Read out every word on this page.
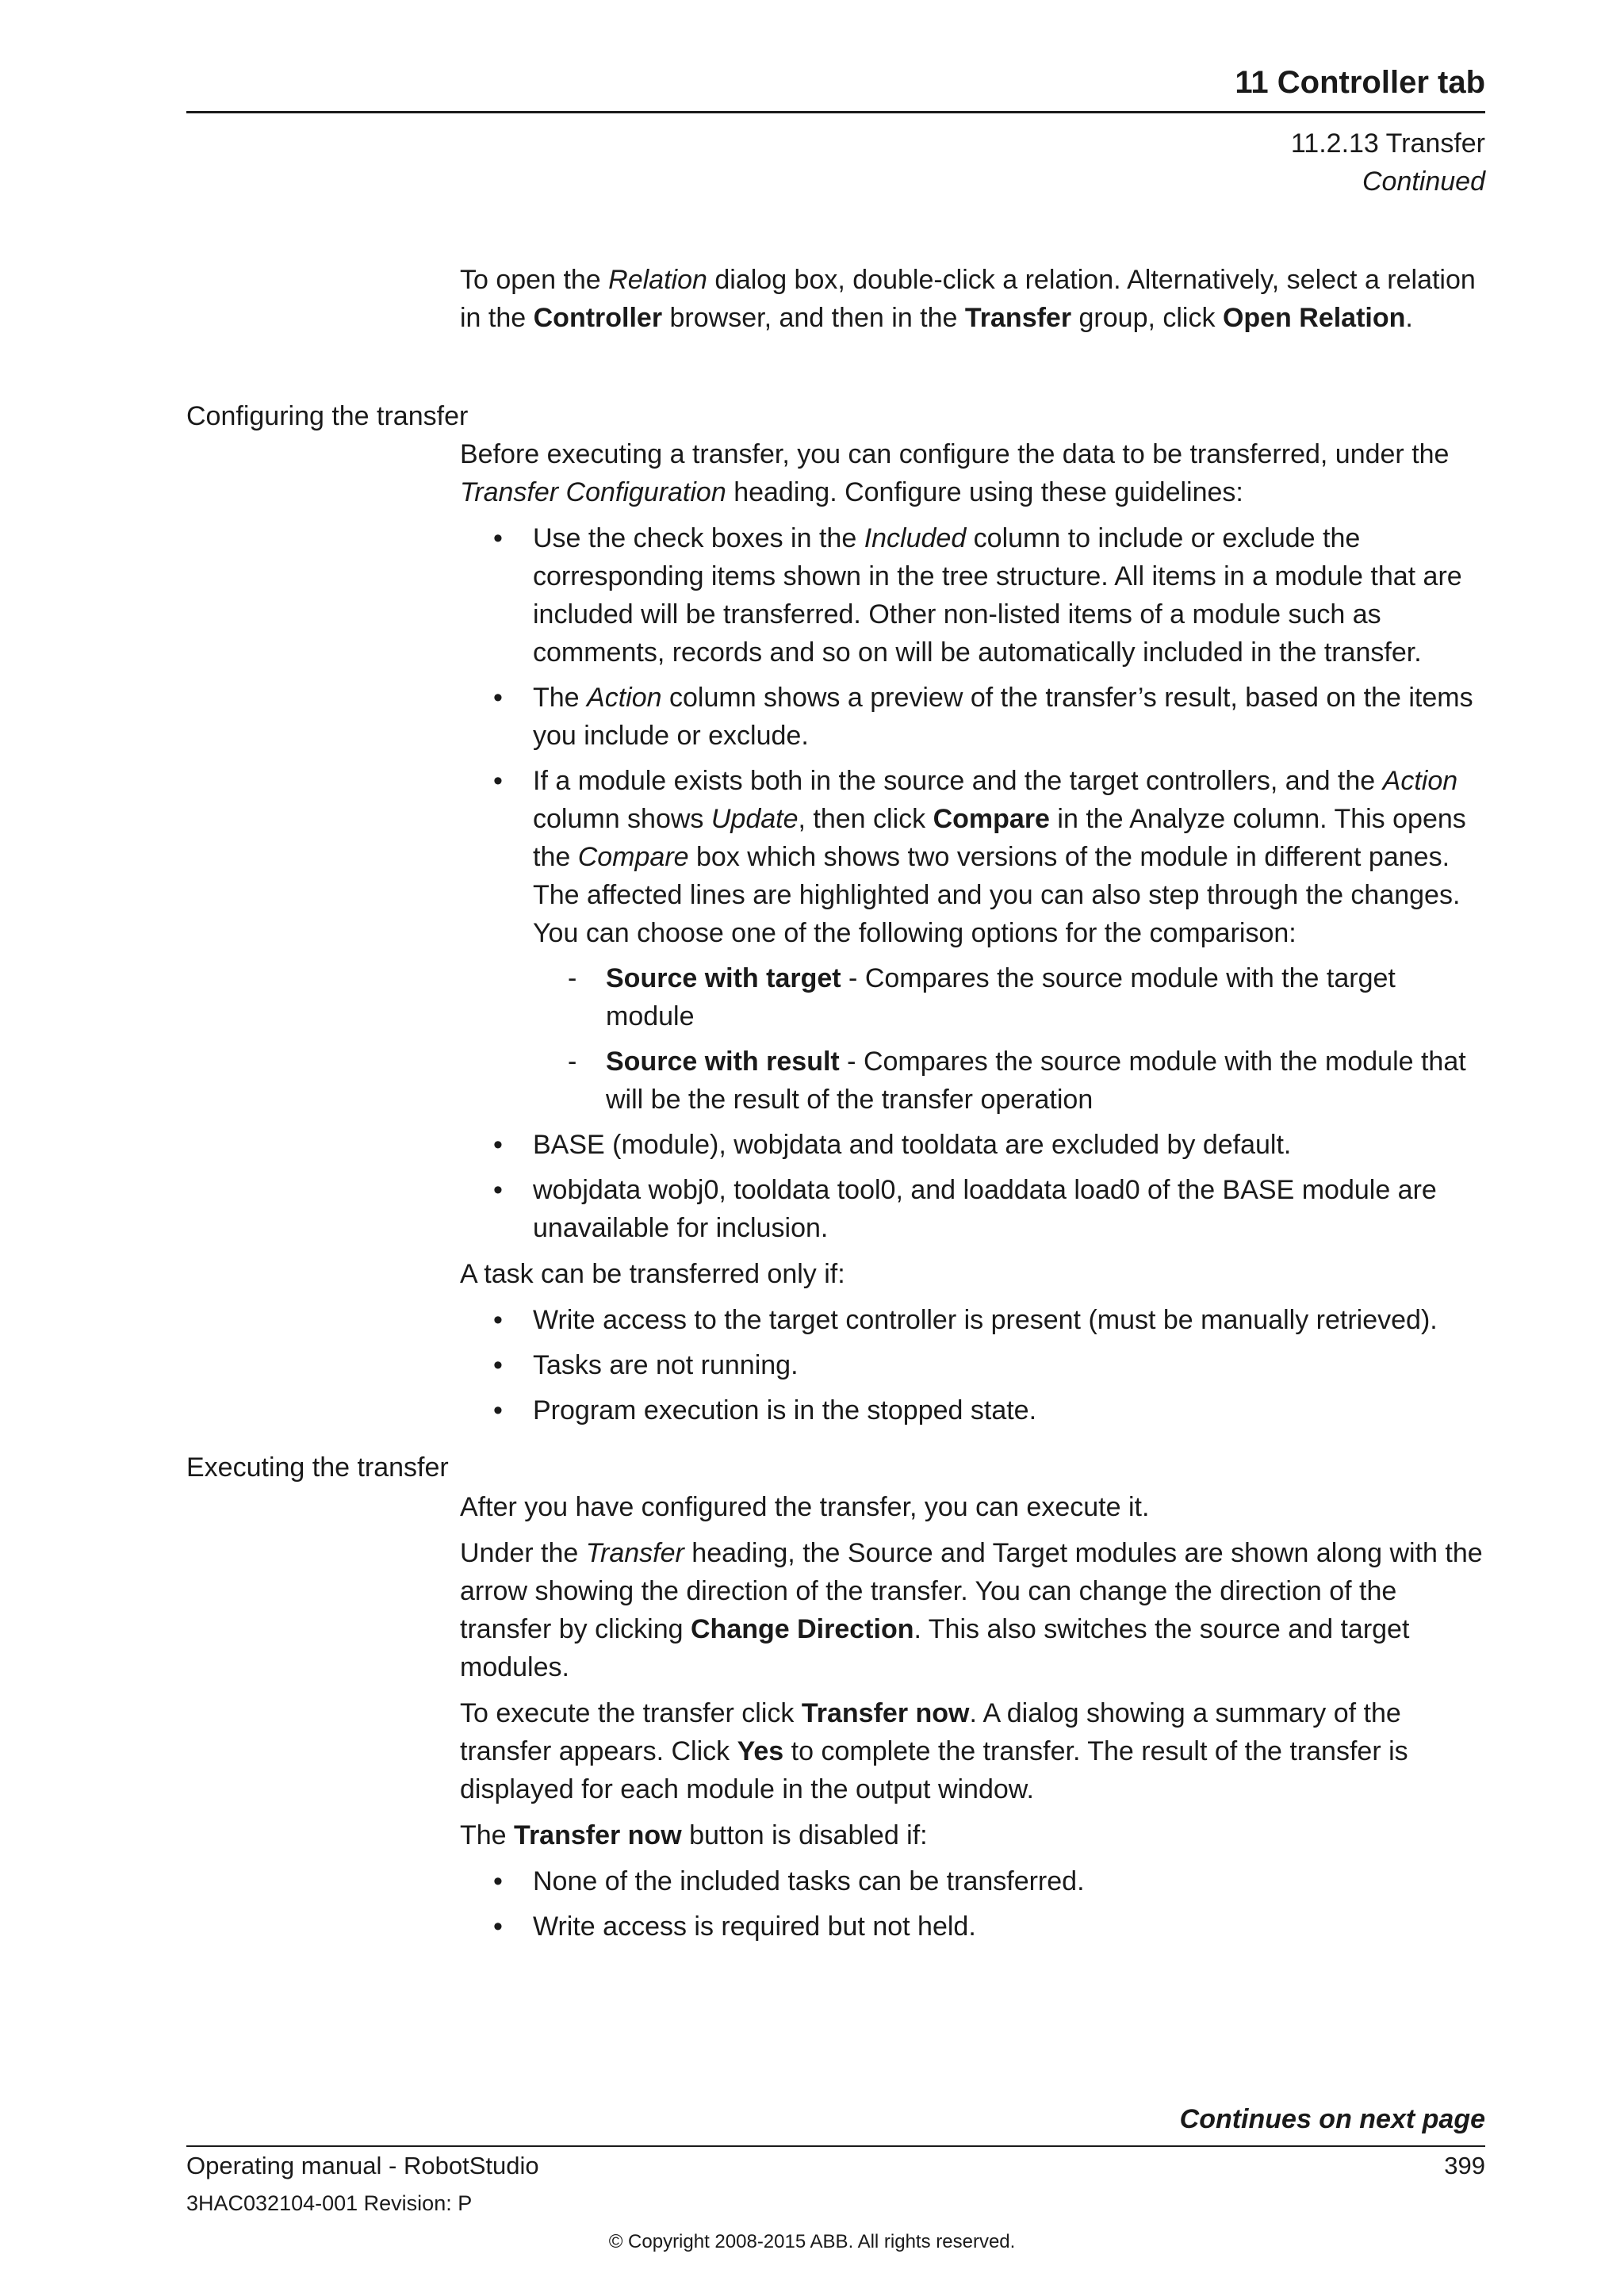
11 Controller tab
11.2.13 Transfer
Continued

To open the Relation dialog box, double-click a relation. Alternatively, select a relation in the Controller browser, and then in the Transfer group, click Open Relation.

Configuring the transfer

Before executing a transfer, you can configure the data to be transferred, under the Transfer Configuration heading. Configure using these guidelines:

• Use the check boxes in the Included column to include or exclude the corresponding items shown in the tree structure. All items in a module that are included will be transferred. Other non-listed items of a module such as comments, records and so on will be automatically included in the transfer.
• The Action column shows a preview of the transfer’s result, based on the items you include or exclude.
• If a module exists both in the source and the target controllers, and the Action column shows Update, then click Compare in the Analyze column. This opens the Compare box which shows two versions of the module in different panes. The affected lines are highlighted and you can also step through the changes. You can choose one of the following options for the comparison:
- Source with target - Compares the source module with the target module
- Source with result - Compares the source module with the module that will be the result of the transfer operation
• BASE (module), wobjdata and tooldata are excluded by default.
• wobjdata wobj0, tooldata tool0, and loaddata load0 of the BASE module are unavailable for inclusion.

A task can be transferred only if:

• Write access to the target controller is present (must be manually retrieved).
• Tasks are not running.
• Program execution is in the stopped state.
Executing the transfer

After you have configured the transfer, you can execute it.

Under the Transfer heading, the Source and Target modules are shown along with the arrow showing the direction of the transfer. You can change the direction of the transfer by clicking Change Direction. This also switches the source and target modules.

To execute the transfer click Transfer now. A dialog showing a summary of the transfer appears. Click Yes to complete the transfer. The result of the transfer is displayed for each module in the output window.

The Transfer now button is disabled if:

• None of the included tasks can be transferred.
• Write access is required but not held.
Continues on next page
Operating manual - RobotStudio	399
3HAC032104-001 Revision: P
© Copyright 2008-2015 ABB. All rights reserved.
